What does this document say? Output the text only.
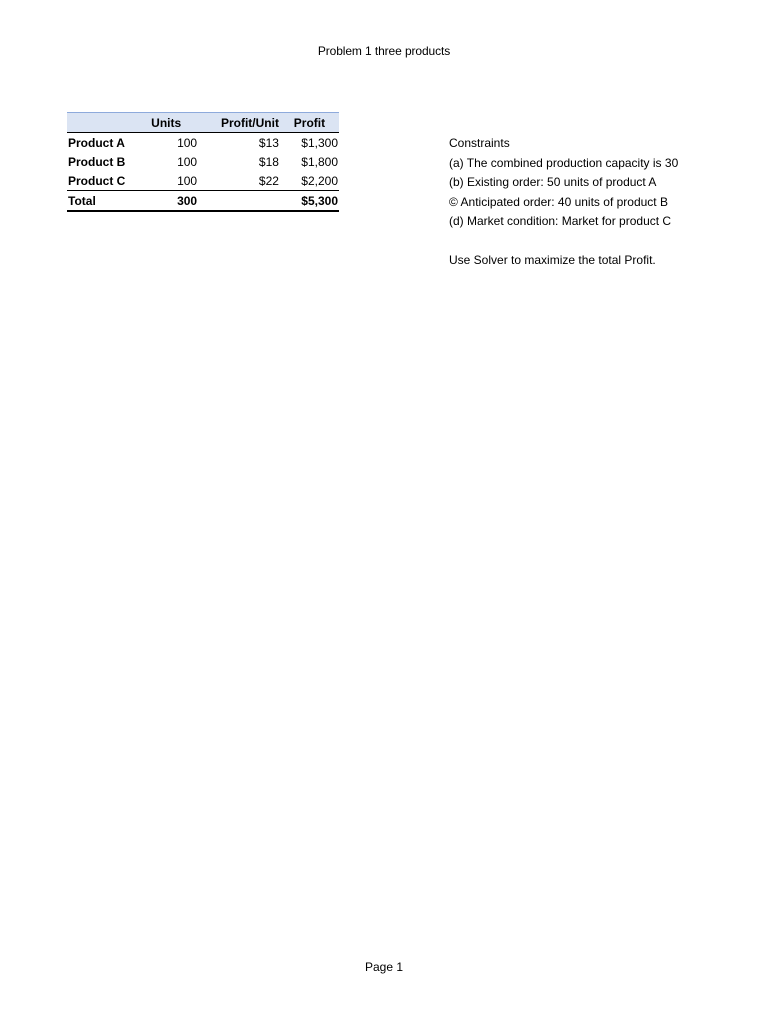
Problem 1 three products
	Units	Profit/Unit	Profit
Product A	100	$13	$1,300
Product B	100	$18	$1,800
Product C	100	$22	$2,200
Total	300		$5,300
Constraints
(a) The combined production capacity is 30
(b) Existing order: 50 units of product A
© Anticipated order: 40 units of product B
(d) Market condition: Market for product C
Use Solver to maximize the total Profit.
Page 1
